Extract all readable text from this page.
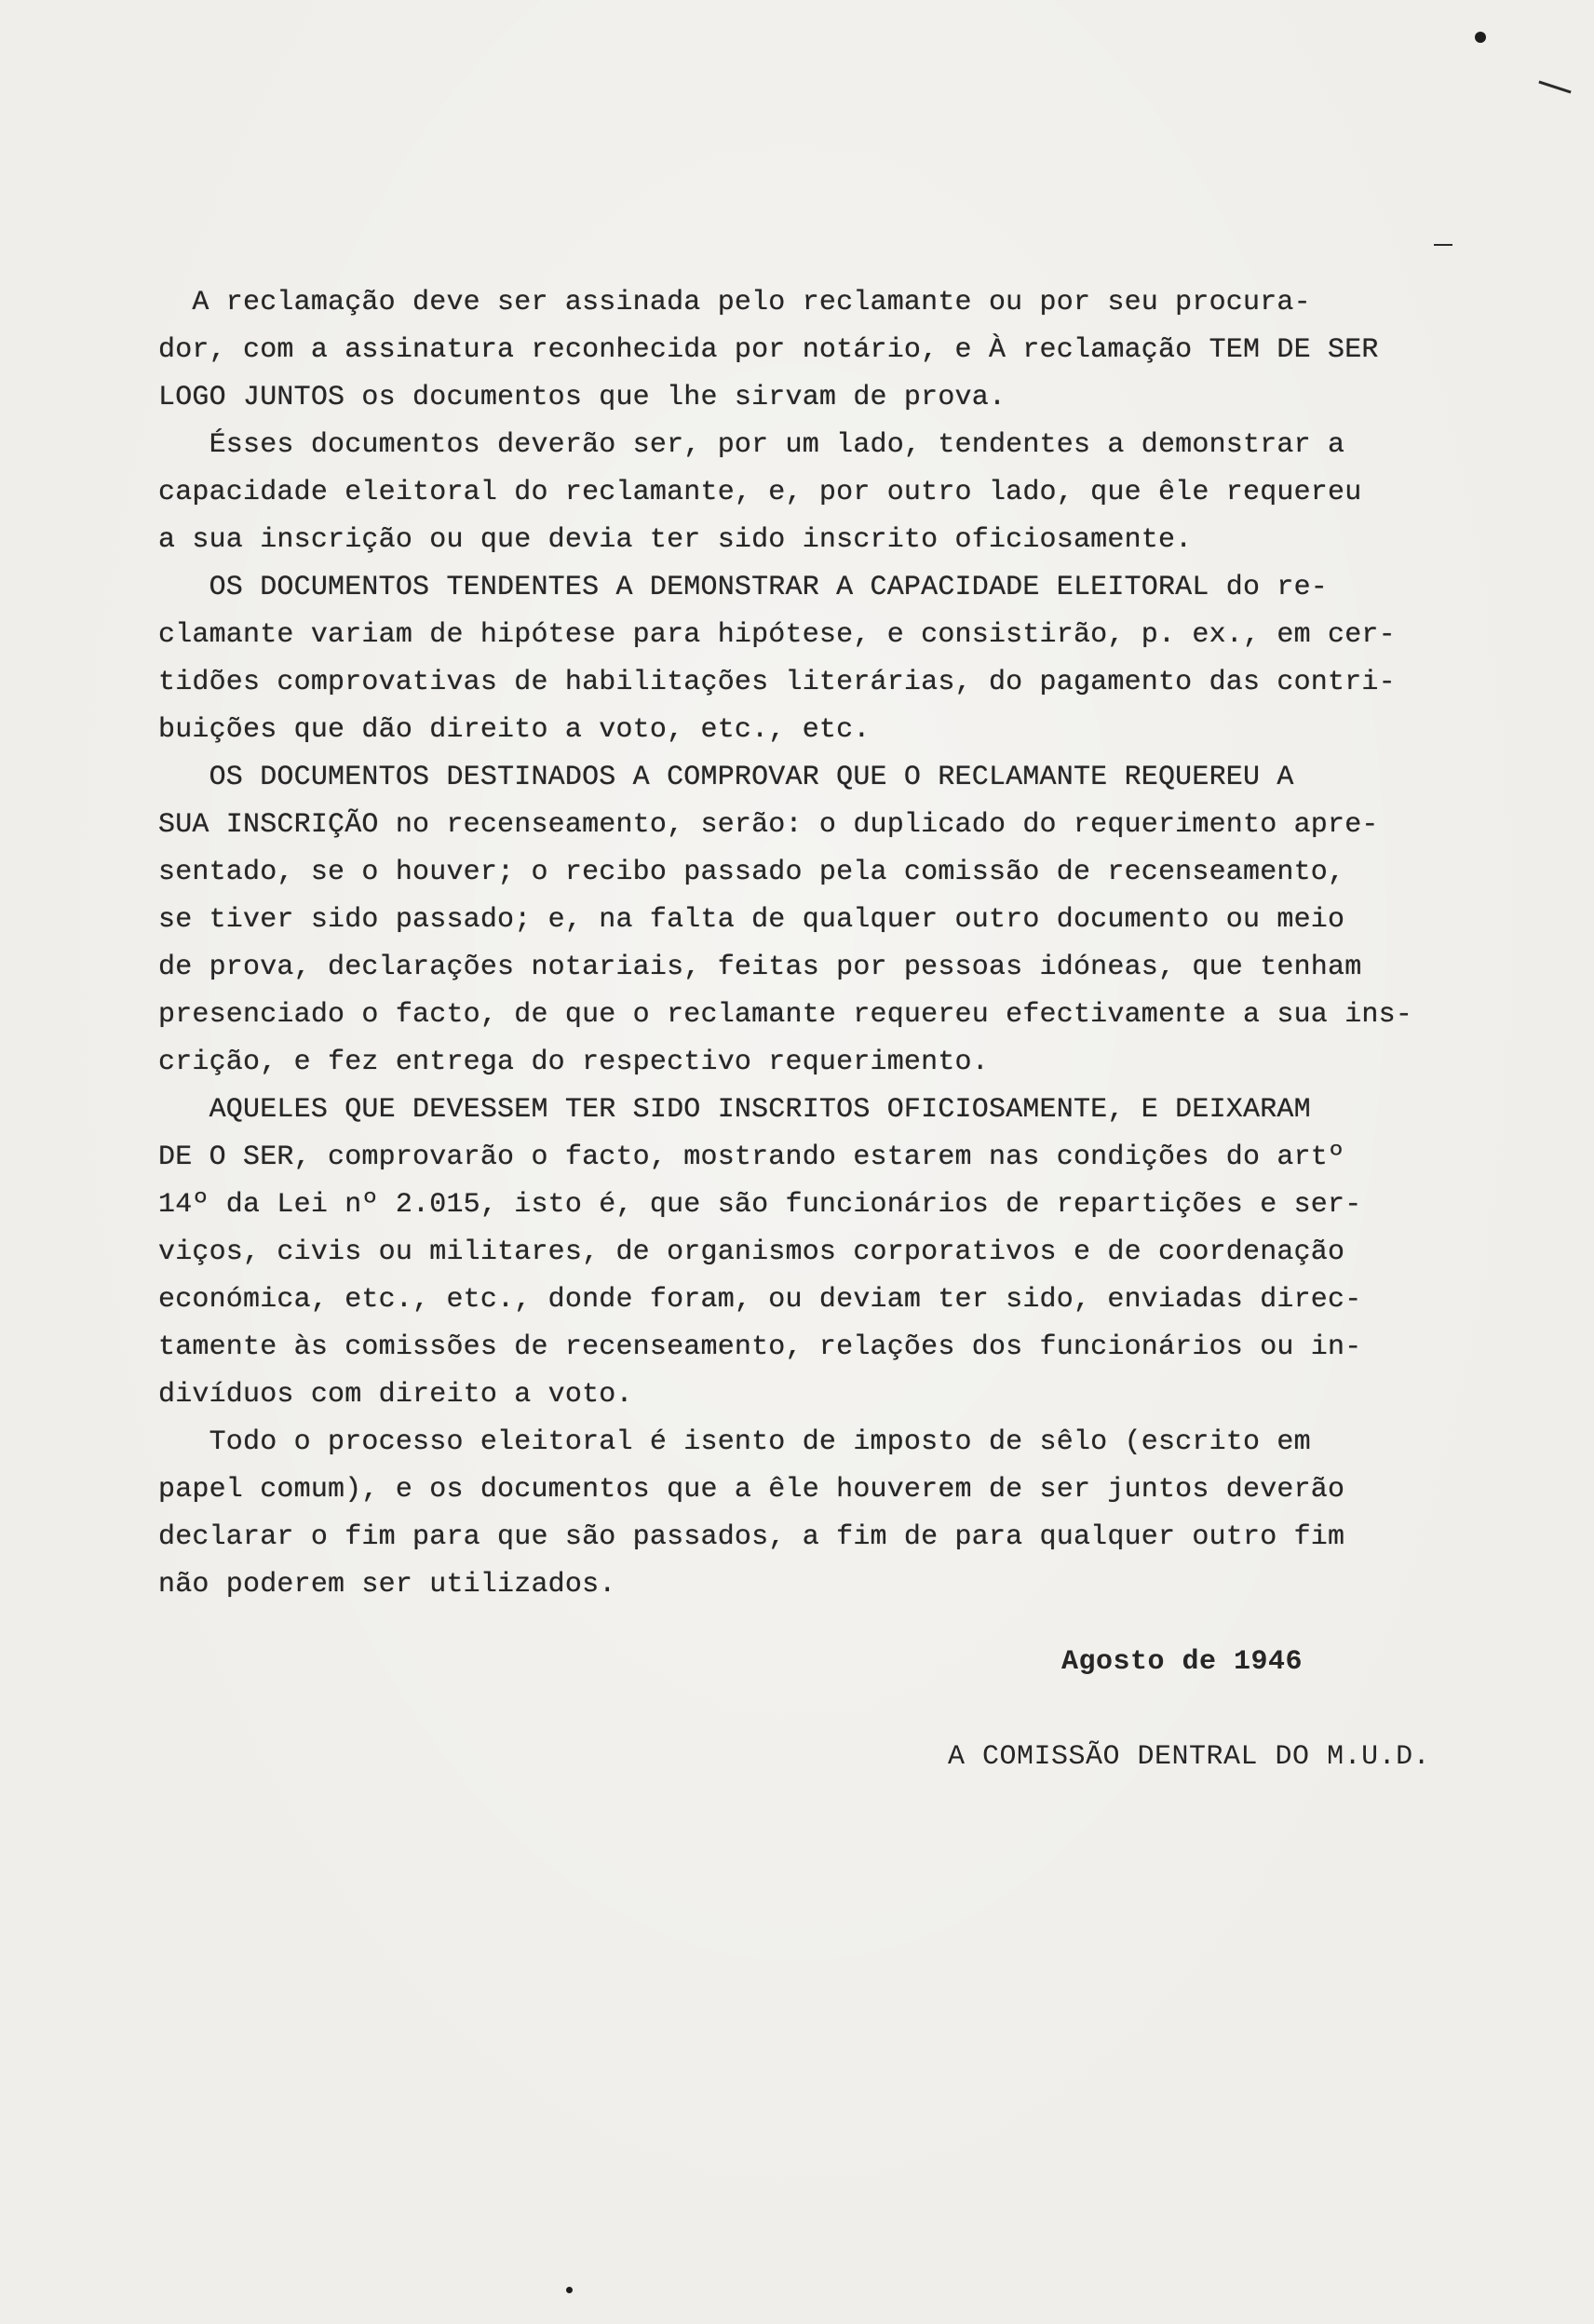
A reclamação deve ser assinada pelo reclamante ou por seu procura-
dor, com a assinatura reconhecida por notário, e À reclamação TEM DE SER
LOGO JUNTOS os documentos que lhe sirvam de prova.

Ésses documentos deverão ser, por um lado, tendentes a demonstrar a
capacidade eleitoral do reclamante, e, por outro lado, que êle requereu
a sua inscrição ou que devia ter sido inscrito oficiosamente.

OS DOCUMENTOS TENDENTES A DEMONSTRAR A CAPACIDADE ELEITORAL do re-
clamante variam de hipótese para hipótese, e consistirão, p. ex., em cer-
tidões comprovativas de habilitações literárias, do pagamento das contri-
buições que dão direito a voto, etc., etc.

OS DOCUMENTOS DESTINADOS A COMPROVAR QUE O RECLAMANTE REQUEREU A
SUA INSCRIÇÃO no recenseamento, serão: o duplicado do requerimento apre-
sentado, se o houver; o recibo passado pela comissão de recenseamento,
se tiver sido passado; e, na falta de qualquer outro documento ou meio
de prova, declarações notariais, feitas por pessoas idóneas, que tenham
presenciado o facto, de que o reclamante requereu efectivamente a sua ins-
crição, e fez entrega do respectivo requerimento.

AQUELES QUE DEVESSEM TER SIDO INSCRITOS OFICIOSAMENTE, E DEIXARAM
DE O SER, comprovarão o facto, mostrando estarem nas condições do artº
14º da Lei nº 2.015, isto é, que são funcionários de repartições e ser-
viços, civis ou militares, de organismos corporativos e de coordenação
económica, etc., etc., donde foram, ou deviam ter sido, enviadas direc-
tamente às comissões de recenseamento, relações dos funcionários ou in-
divíduos com direito a voto.

Todo o processo eleitoral é isento de imposto de sêlo (escrito em
papel comum), e os documentos que a êle houverem de ser juntos deverão
declarar o fim para que são passados, a fim de para qualquer outro fim
não poderem ser utilizados.

Agosto de 1946
A COMISSÃO DENTRAL DO M.U.D.
